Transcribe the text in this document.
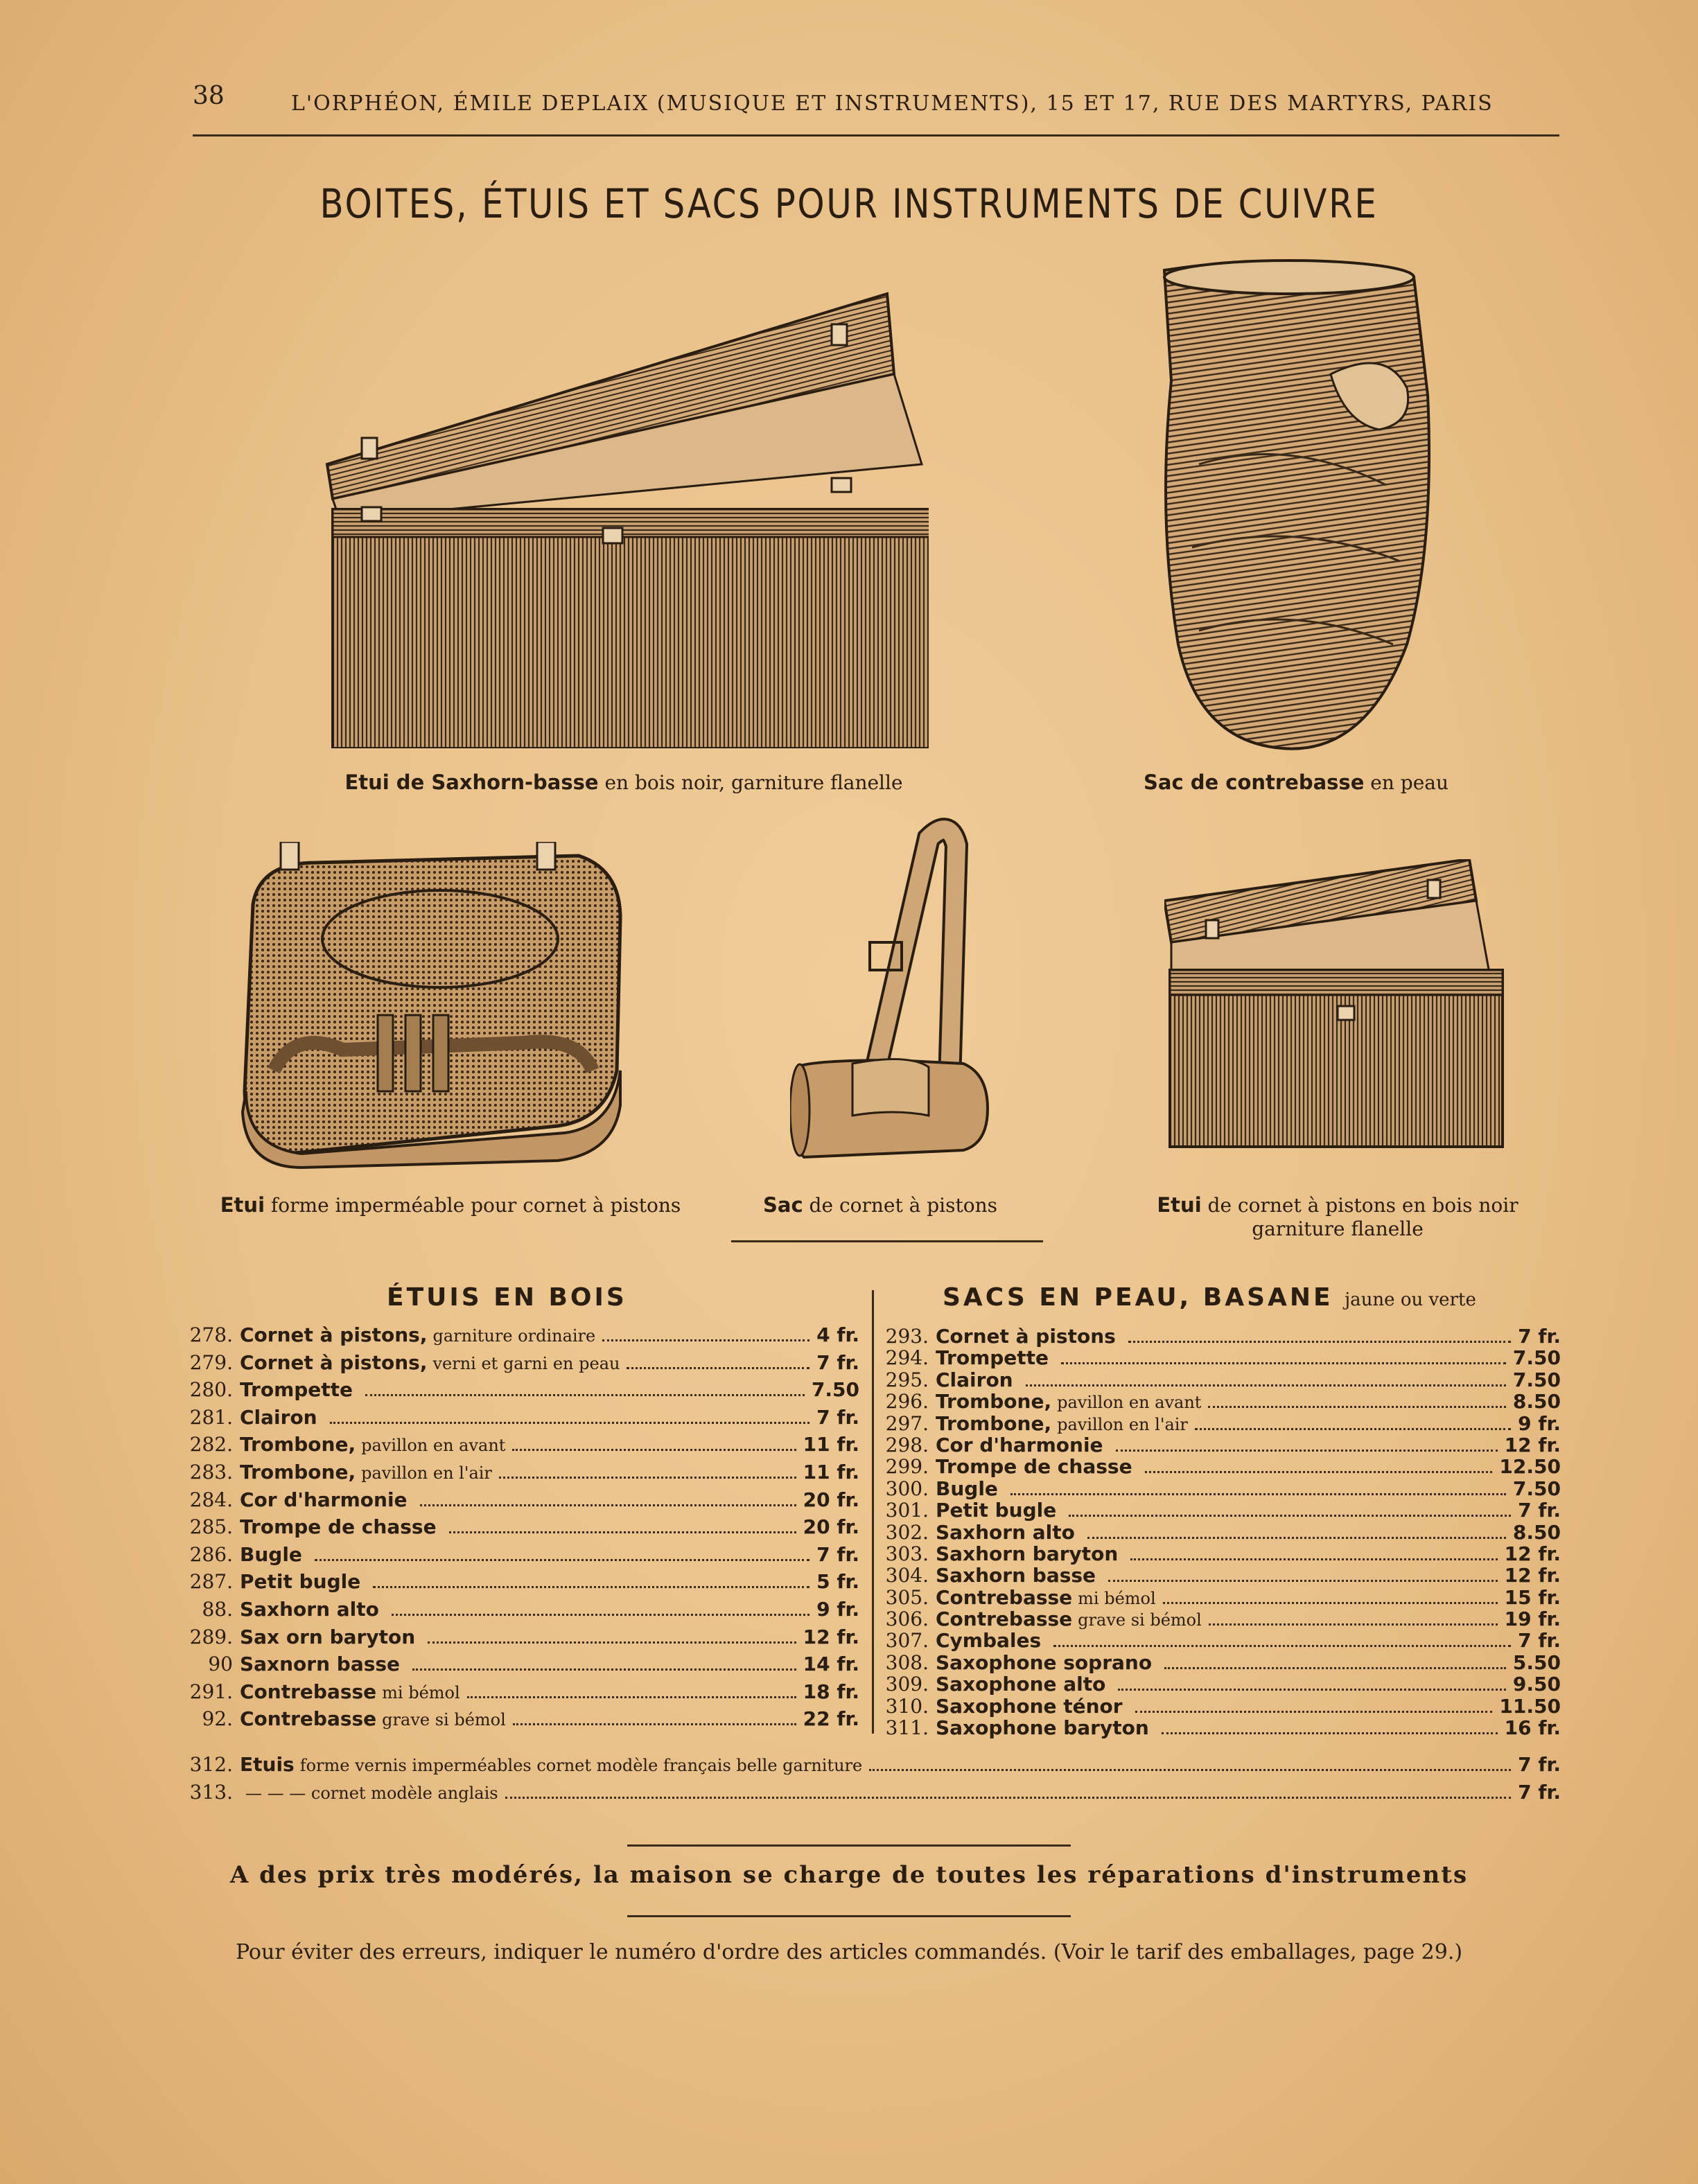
38	L'ORPHÉON, ÉMILE DEPLAIX (MUSIQUE ET INSTRUMENTS), 15 ET 17, RUE DES MARTYRS, PARIS
BOITES, ÉTUIS ET SACS POUR INSTRUMENTS DE CUIVRE
Etui de Saxhorn-basse en bois noir, garniture flanelle	Sac de contrebasse en peau
Etui forme imperméable pour cornet à pistons	Sac de cornet à pistons	Etui de cornet à pistons en bois noir
garniture flanelle
ÉTUIS EN BOIS	SACS EN PEAU, BASANE jaune ou verte
278. Cornet à pistons, garniture ordinaire	4 fr.
279. Cornet à pistons, verni et garni en peau	7 fr.
280. Trompette	7.50
281. Clairon	7 fr.
282. Trombone, pavillon en avant	11 fr.
283. Trombone, pavillon en l'air	11 fr.
284. Cor d'harmonie	20 fr.
285. Trompe de chasse	20 fr.
286. Bugle	7 fr.
287. Petit bugle	5 fr.
88. Saxhorn alto	9 fr.
289. Sax orn baryton	12 fr.
90 Saxnorn basse	14 fr.
291. Contrebasse mi bémol	18 fr.
92. Contrebasse grave si bémol	22 fr.
293. Cornet à pistons	7 fr.
294. Trompette	7.50
295. Clairon	7.50
296. Trombone, pavillon en avant	8.50
297. Trombone, pavillon en l'air	9 fr.
298. Cor d'harmonie	12 fr.
299. Trompe de chasse	12.50
300. Bugle	7.50
301. Petit bugle	7 fr.
302. Saxhorn alto	8.50
303. Saxhorn baryton	12 fr.
304. Saxhorn basse	12 fr.
305. Contrebasse mi bémol	15 fr.
306. Contrebasse grave si bémol	19 fr.
307. Cymbales	7 fr.
308. Saxophone soprano	5.50
309. Saxophone alto	9.50
310. Saxophone ténor	11.50
311. Saxophone baryton	16 fr.
312. Etuis forme vernis imperméables cornet modèle français belle garniture	7 fr.
313. — — — cornet modèle anglais	7 fr.
A des prix très modérés, la maison se charge de toutes les réparations d'instruments
Pour éviter des erreurs, indiquer le numéro d'ordre des articles commandés. (Voir le tarif des emballages, page 29.)
